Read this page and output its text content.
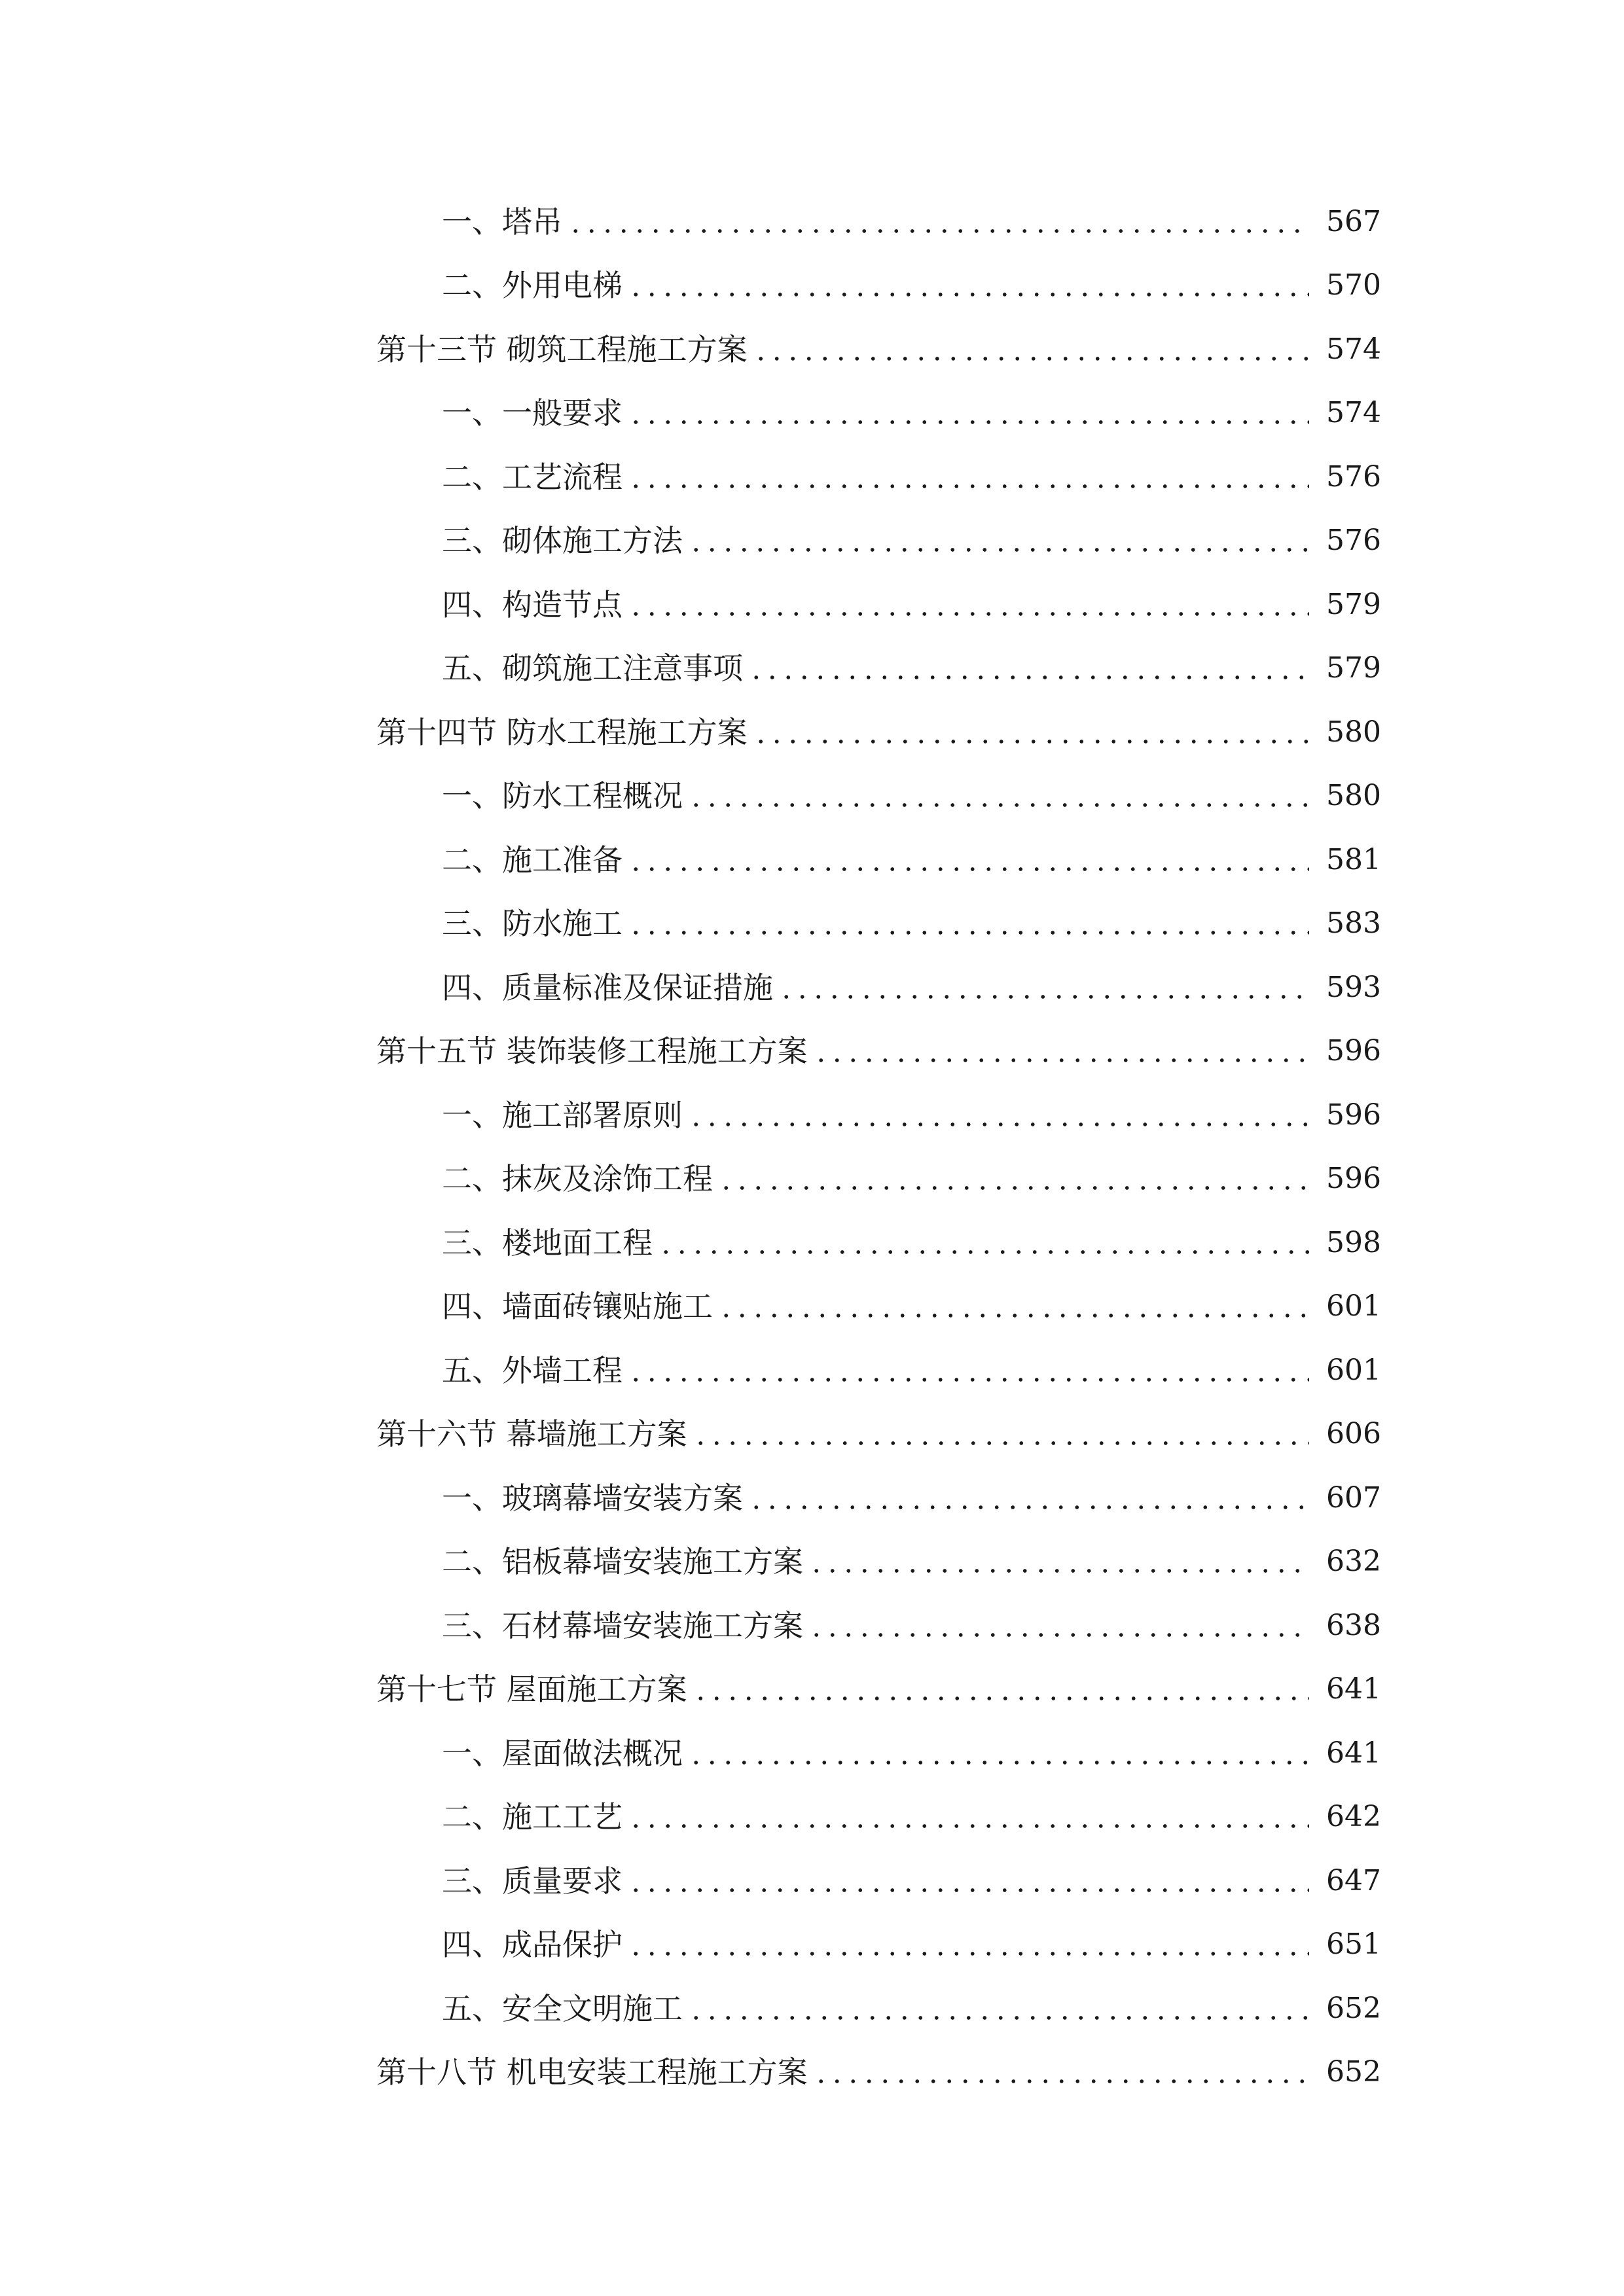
一、塔吊	567
二、外用电梯	570
第十三节 砌筑工程施工方案	574
一、一般要求	574
二、工艺流程	576
三、砌体施工方法	576
四、构造节点	579
五、砌筑施工注意事项	579
第十四节 防水工程施工方案	580
一、防水工程概况	580
二、施工准备	581
三、防水施工	583
四、质量标准及保证措施	593
第十五节 装饰装修工程施工方案	596
一、施工部署原则	596
二、抹灰及涂饰工程	596
三、楼地面工程	598
四、墙面砖镶贴施工	601
五、外墙工程	601
第十六节 幕墙施工方案	606
一、玻璃幕墙安装方案	607
二、铝板幕墙安装施工方案	632
三、石材幕墙安装施工方案	638
第十七节 屋面施工方案	641
一、屋面做法概况	641
二、施工工艺	642
三、质量要求	647
四、成品保护	651
五、安全文明施工	652
第十八节 机电安装工程施工方案	652
